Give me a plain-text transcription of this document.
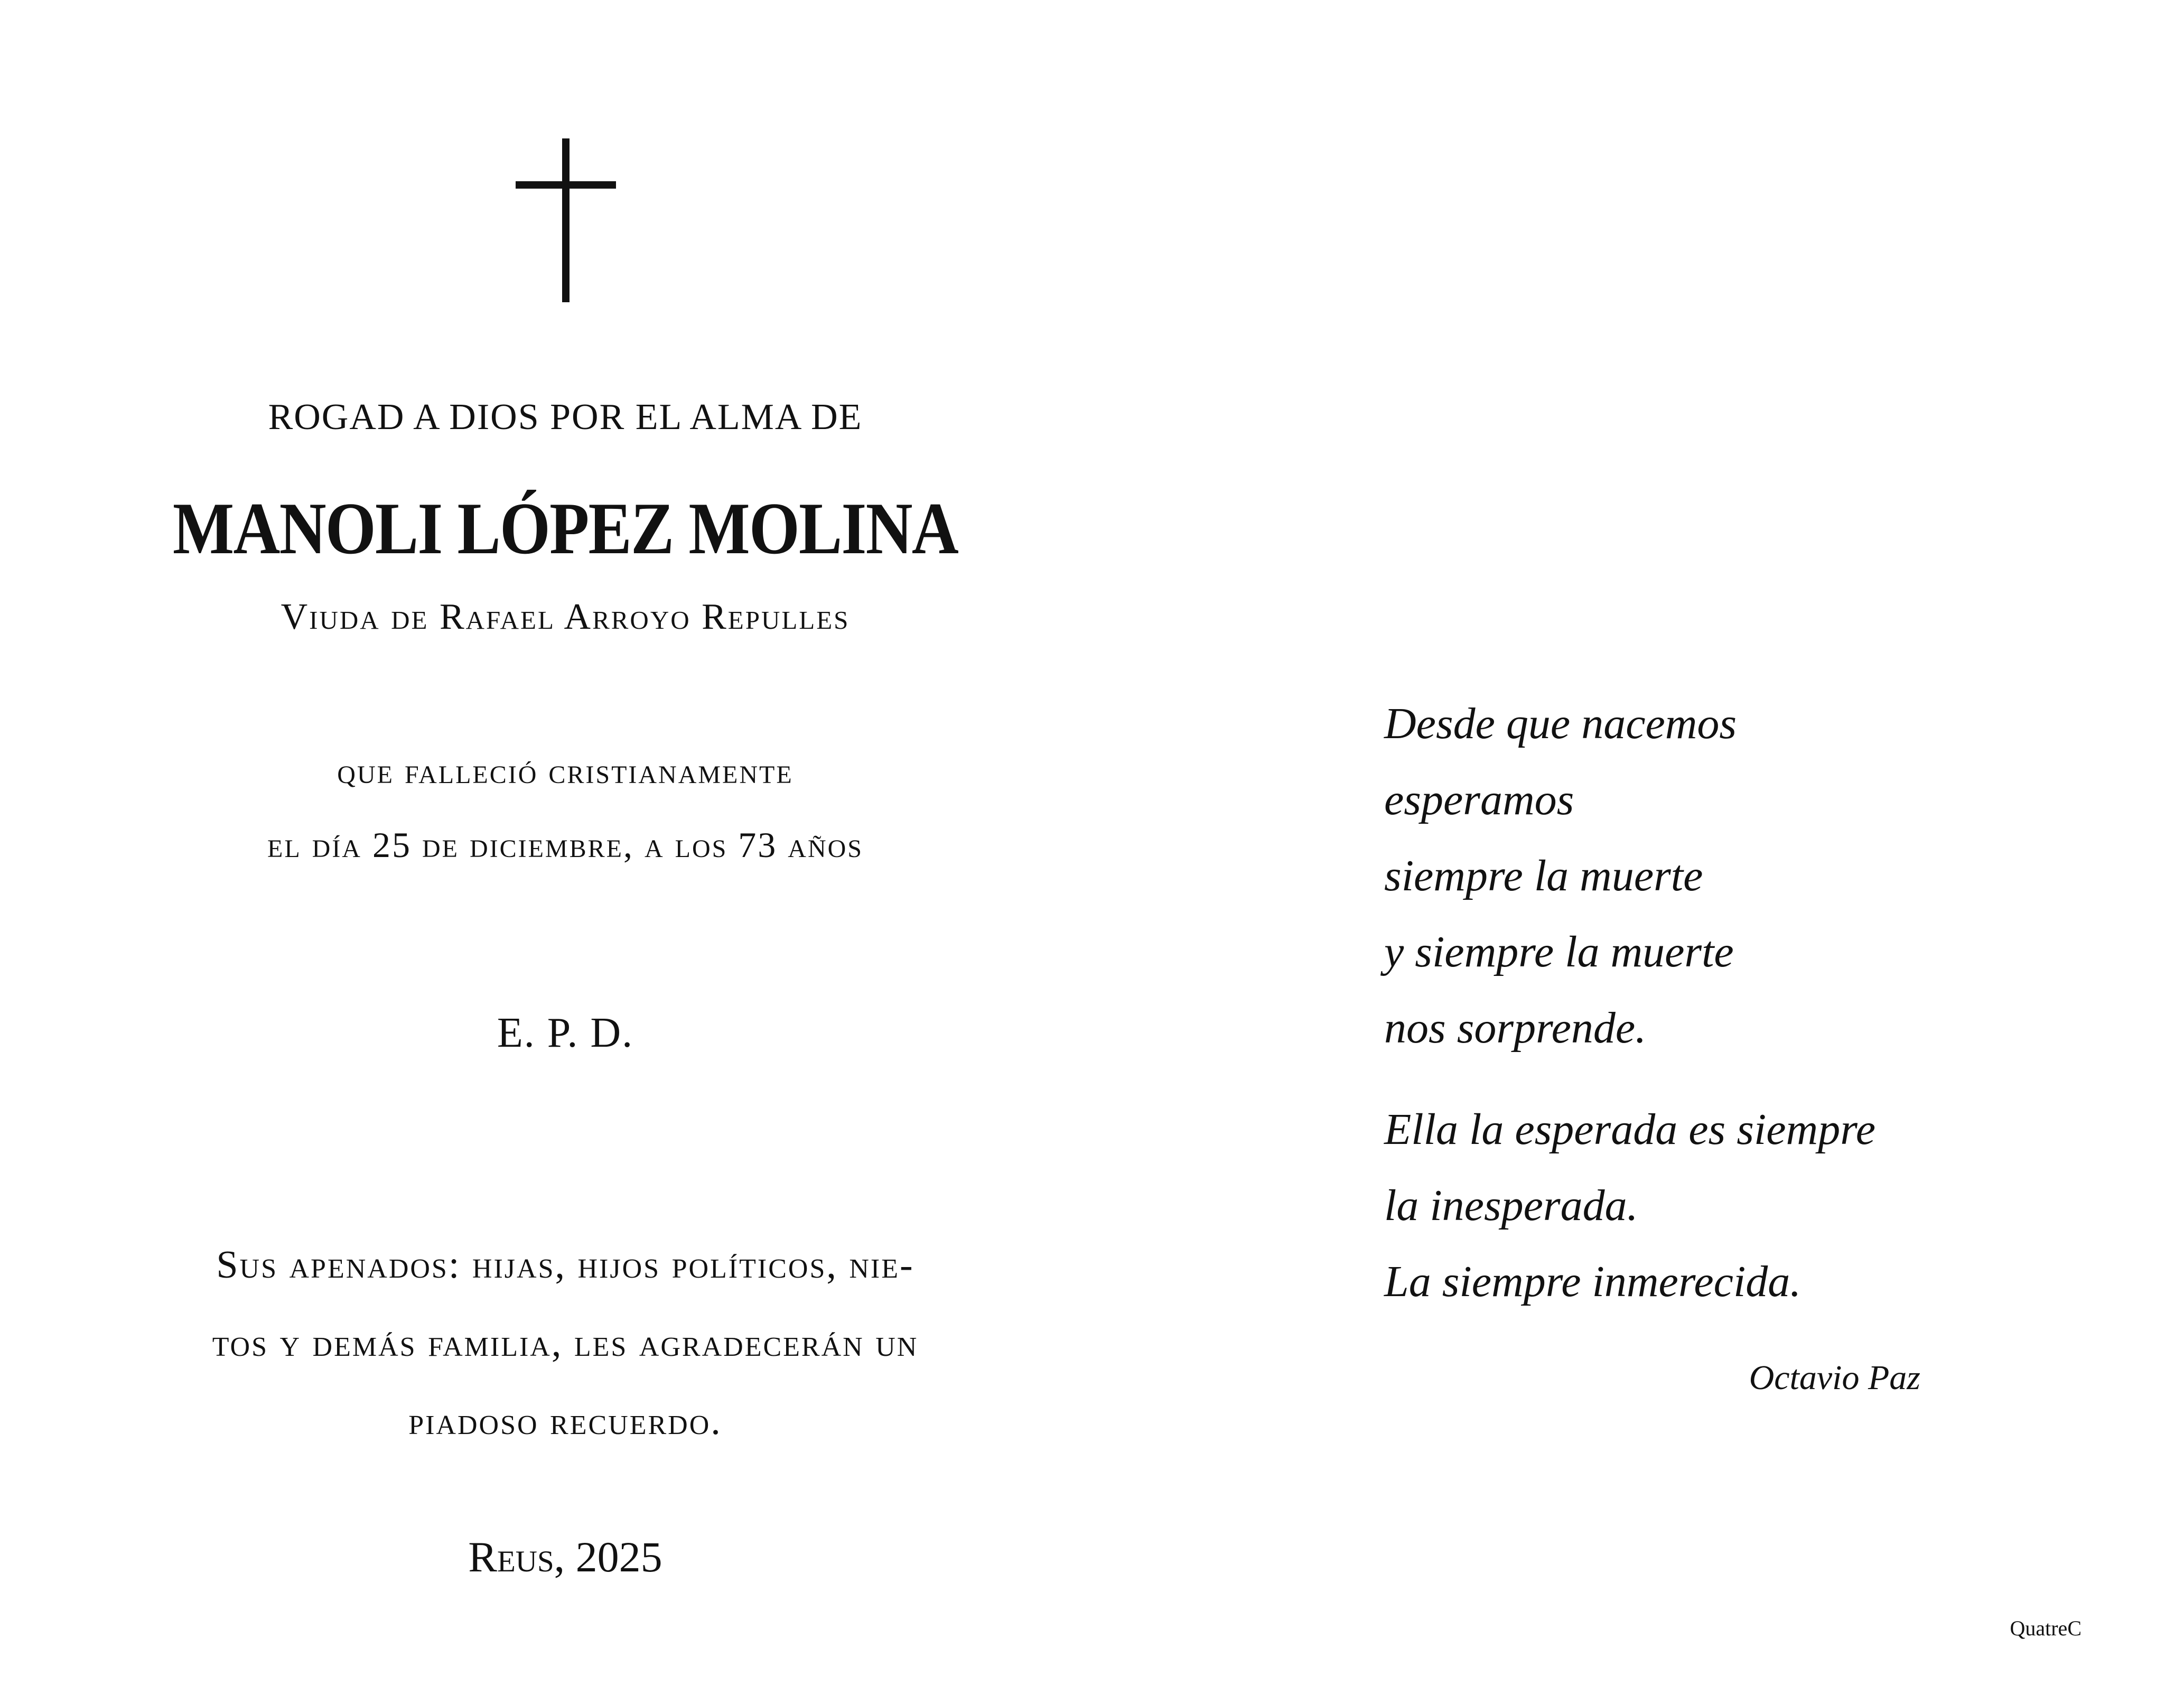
ROGAD A DIOS POR EL ALMA DE
MANOLI LÓPEZ MOLINA
Viuda de Rafael Arroyo Repulles
que falleció cristianamente
el día 25 de diciembre, a los 73 años
E. P. D.
Sus apenados: hijas, hijos políticos, nie-
tos y demás familia, les agradecerán un
piadoso recuerdo.
Reus, 2025
Desde que nacemos
esperamos
siempre la muerte
y siempre la muerte
nos sorprende.
Ella la esperada es siempre
la inesperada.
La siempre inmerecida.
Octavio Paz
QuatreC
